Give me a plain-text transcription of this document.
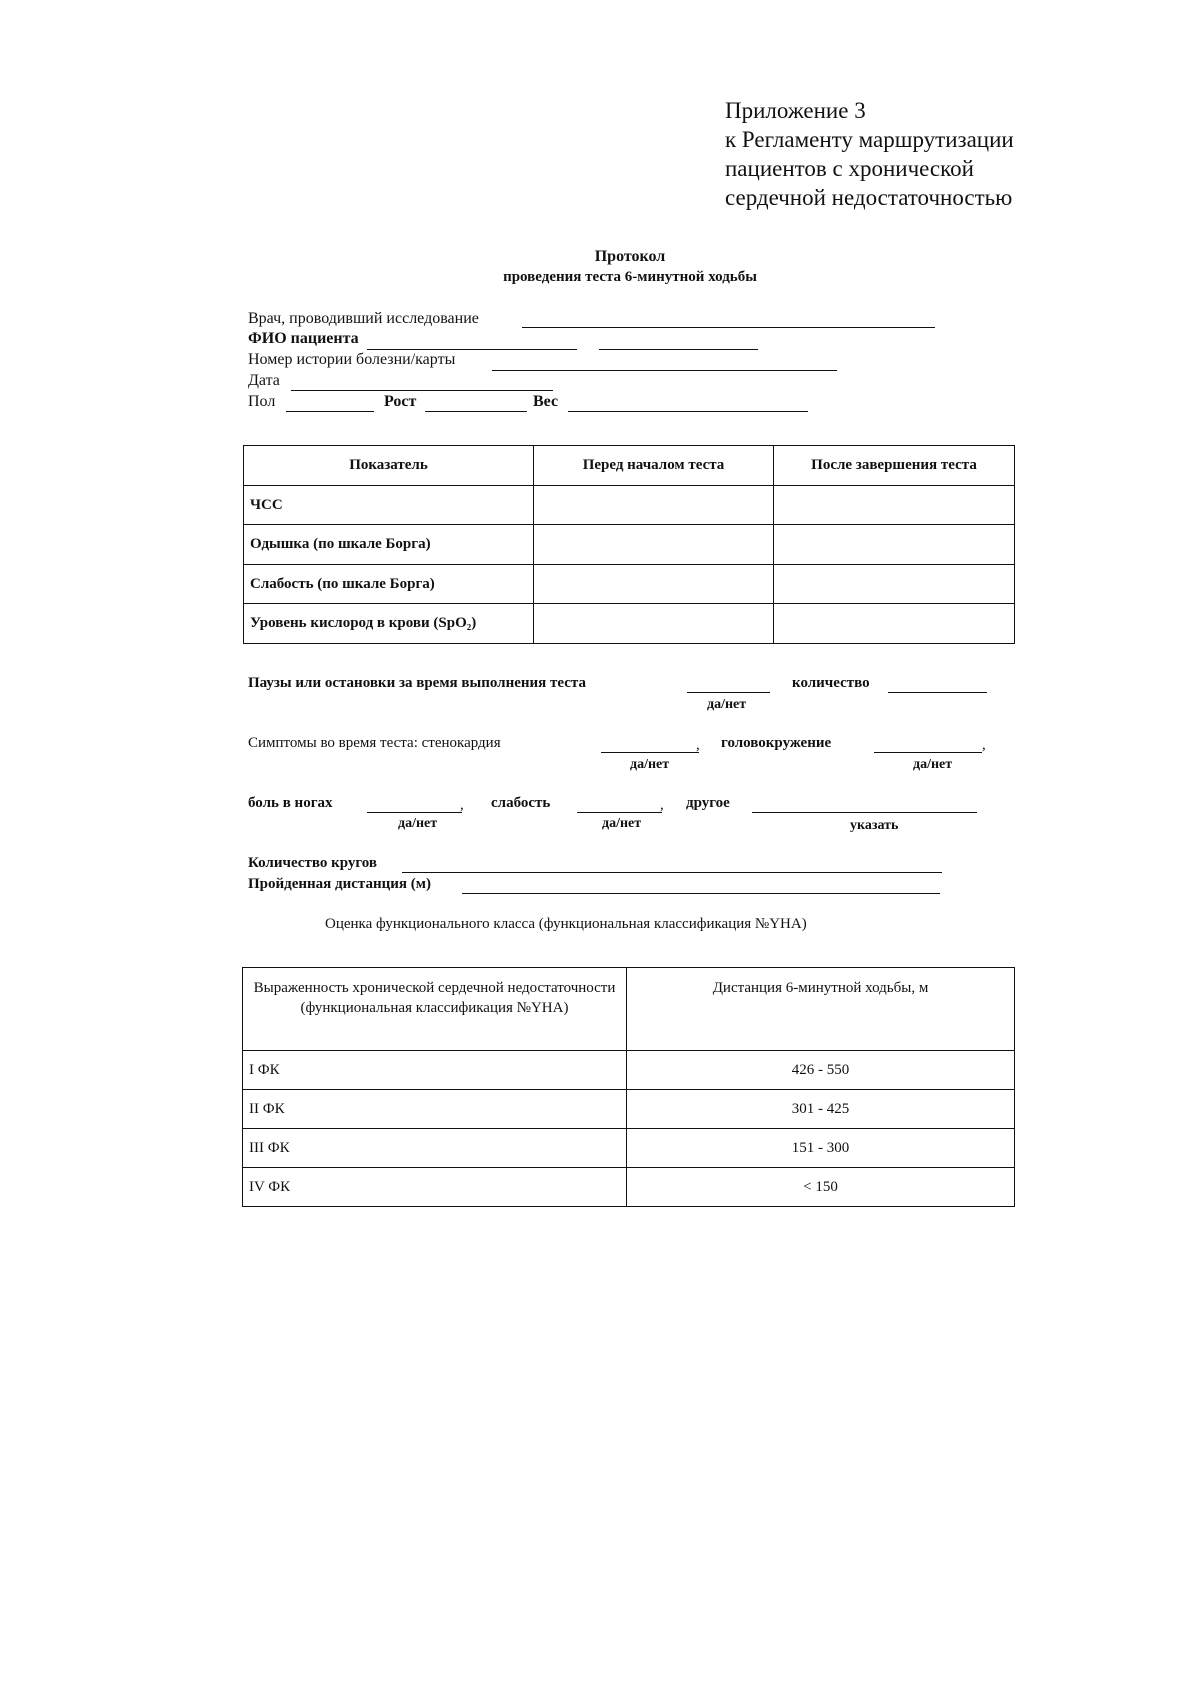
Приложение 3
к Регламенту маршрутизации
пациентов с хронической
сердечной недостаточностью
Протокол
проведения теста 6-минутной ходьбы
Врач, проводивший исследование
ФИО пациента
Номер истории болезни/карты
Дата
Пол	Рост	Вес
Показатель	Перед началом теста	После завершения теста
ЧСС		
Одышка (по шкале Борга)		
Слабость (по шкале Борга)		
Уровень кислород в крови (SpO₂)		
Паузы или остановки за время выполнения теста
да/нет
количество
Симптомы во время теста: стенокардия	,
да/нет
головокружение	,
да/нет
боль в ногах	,
да/нет
слабость	,
да/нет
другое
указать
Количество кругов
Пройденная дистанция (м)
Оценка функционального класса (функциональная классификация №YHA)
Выраженность хронической сердечной недостаточности (функциональная классификация №YHA)	Дистанция 6-минутной ходьбы, м
I ФК	426 - 550
II ФК	301 - 425
III ФК	151 - 300
IV ФК	< 150
